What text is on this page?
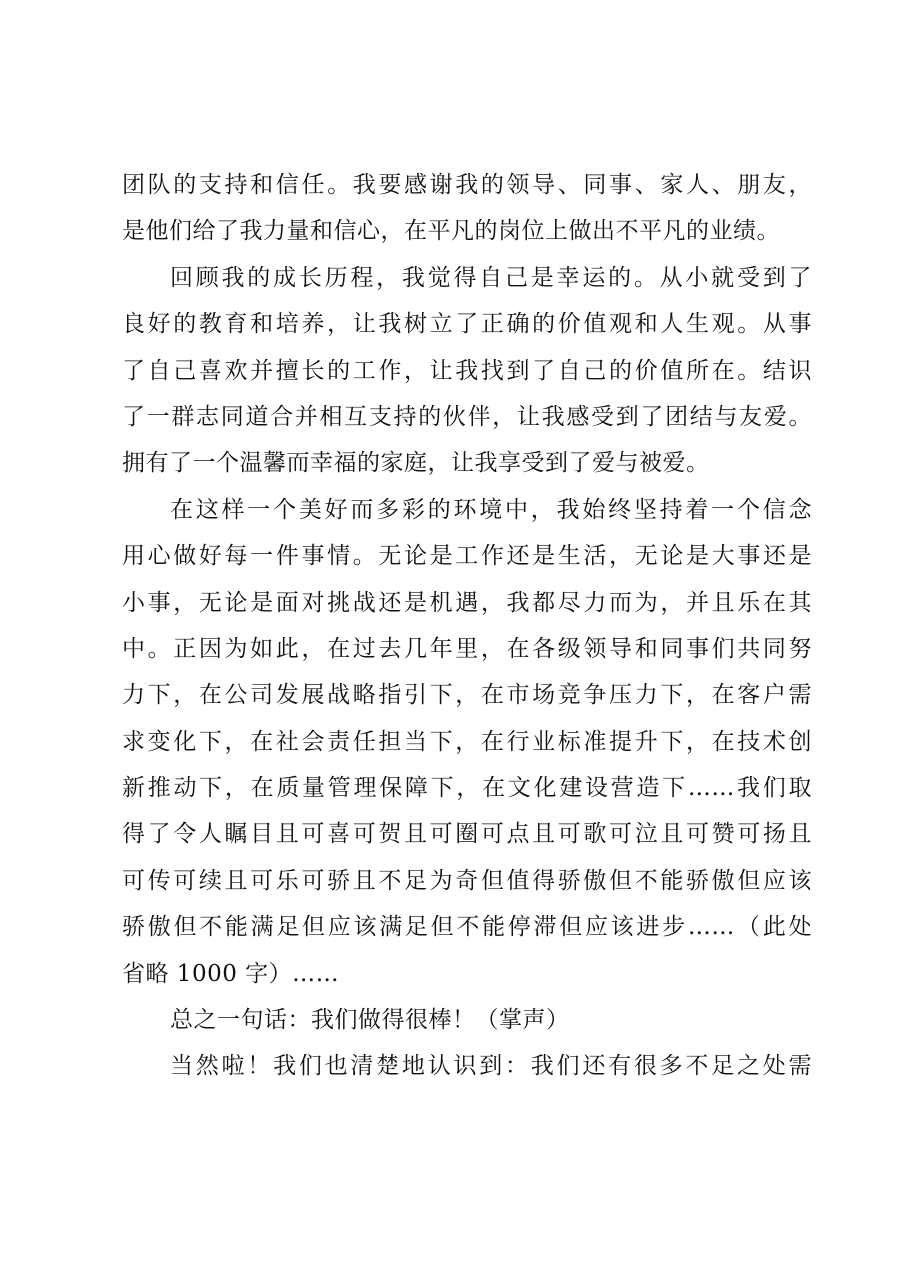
团队的支持和信任。我要感谢我的领导、同事、家人、朋友，
是他们给了我力量和信心，在平凡的岗位上做出不平凡的业绩。
回顾我的成长历程，我觉得自己是幸运的。从小就受到了
良好的教育和培养，让我树立了正确的价值观和人生观。从事
了自己喜欢并擅长的工作，让我找到了自己的价值所在。结识
了一群志同道合并相互支持的伙伴，让我感受到了团结与友爱。
拥有了一个温馨而幸福的家庭，让我享受到了爱与被爱。
在这样一个美好而多彩的环境中，我始终坚持着一个信念
用心做好每一件事情。无论是工作还是生活，无论是大事还是
小事，无论是面对挑战还是机遇，我都尽力而为，并且乐在其
中。正因为如此，在过去几年里，在各级领导和同事们共同努
力下，在公司发展战略指引下，在市场竞争压力下，在客户需
求变化下，在社会责任担当下，在行业标准提升下，在技术创
新推动下，在质量管理保障下，在文化建设营造下……我们取
得了令人瞩目且可喜可贺且可圈可点且可歌可泣且可赞可扬且
可传可续且可乐可骄且不足为奇但值得骄傲但不能骄傲但应该
骄傲但不能满足但应该满足但不能停滞但应该进步……（此处
省略 1000 字）……
总之一句话：我们做得很棒！（掌声）
当然啦！我们也清楚地认识到：我们还有很多不足之处需
